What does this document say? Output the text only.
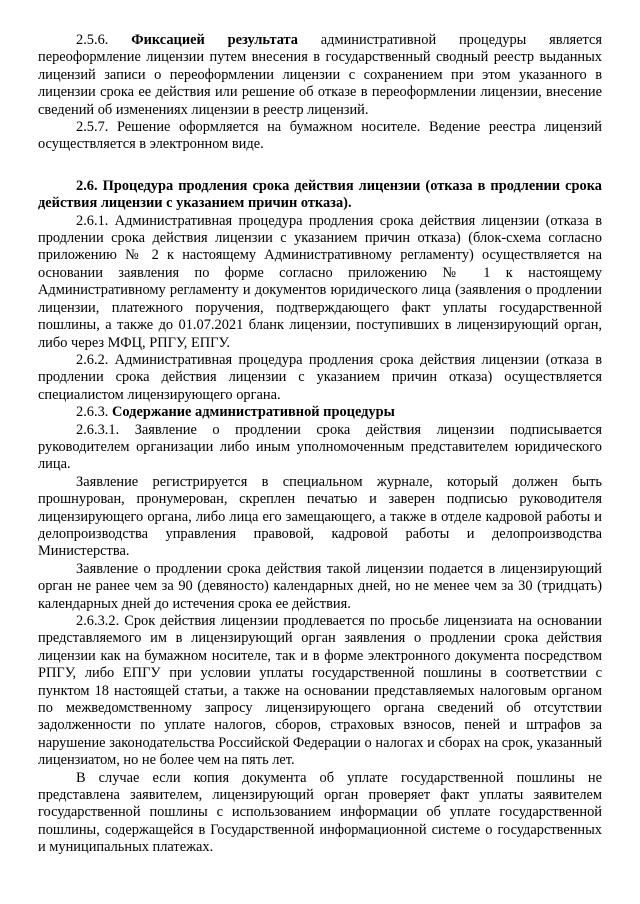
2.5.6. Фиксацией результата административной процедуры является переоформление лицензии путем внесения в государственный сводный реестр выданных лицензий записи о переоформлении лицензии с сохранением при этом указанного в лицензии срока ее действия или решение об отказе в переоформлении лицензии, внесение сведений об изменениях лицензии в реестр лицензий.

2.5.7. Решение оформляется на бумажном носителе. Ведение реестра лицензий осуществляется в электронном виде.

2.6. Процедура продления срока действия лицензии (отказа в продлении срока действия лицензии с указанием причин отказа).

2.6.1. Административная процедура продления срока действия лицензии (отказа в продлении срока действия лицензии с указанием причин отказа) (блок-схема согласно приложению № 2 к настоящему Административному регламенту) осуществляется на основании заявления по форме согласно приложению № 1 к настоящему Административному регламенту и документов юридического лица (заявления о продлении лицензии, платежного поручения, подтверждающего факт уплаты государственной пошлины, а также до 01.07.2021 бланк лицензии, поступивших в лицензирующий орган, либо через МФЦ, РПГУ, ЕПГУ.

2.6.2. Административная процедура продления срока действия лицензии (отказа в продлении срока действия лицензии с указанием причин отказа) осуществляется специалистом лицензирующего органа.

2.6.3. Содержание административной процедуры

2.6.3.1. Заявление о продлении срока действия лицензии подписывается руководителем организации либо иным уполномоченным представителем юридического лица.

Заявление регистрируется в специальном журнале, который должен быть прошнурован, пронумерован, скреплен печатью и заверен подписью руководителя лицензирующего органа, либо лица его замещающего, а также в отделе кадровой работы и делопроизводства управления правовой, кадровой работы и делопроизводства Министерства.

Заявление о продлении срока действия такой лицензии подается в лицензирующий орган не ранее чем за 90 (девяносто) календарных дней, но не менее чем за 30 (тридцать) календарных дней до истечения срока ее действия.

2.6.3.2. Срок действия лицензии продлевается по просьбе лицензиата на основании представляемого им в лицензирующий орган заявления о продлении срока действия лицензии как на бумажном носителе, так и в форме электронного документа посредством РПГУ, либо ЕПГУ при условии уплаты государственной пошлины в соответствии с пунктом 18 настоящей статьи, а также на основании представляемых налоговым органом по межведомственному запросу лицензирующего органа сведений об отсутствии задолженности по уплате налогов, сборов, страховых взносов, пеней и штрафов за нарушение законодательства Российской Федерации о налогах и сборах на срок, указанный лицензиатом, но не более чем на пять лет.

В случае если копия документа об уплате государственной пошлины не представлена заявителем, лицензирующий орган проверяет факт уплаты заявителем государственной пошлины с использованием информации об уплате государственной пошлины, содержащейся в Государственной информационной системе о государственных и муниципальных платежах.
